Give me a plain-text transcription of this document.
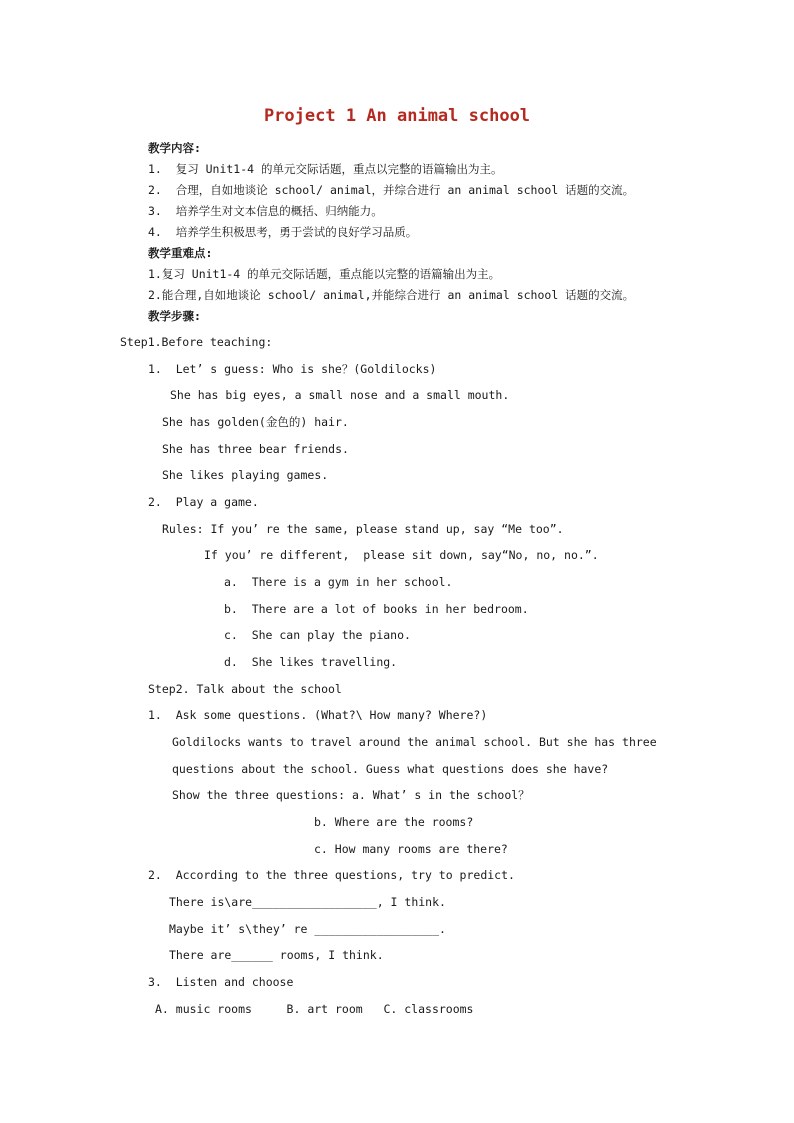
Project 1 An animal school
教学内容:
1.  复习 Unit1-4 的单元交际话题，重点以完整的语篇输出为主。
2.  合理，自如地谈论 school/ animal，并综合进行 an animal school 话题的交流。
3.  培养学生对文本信息的概括、归纳能力。
4.  培养学生积极思考，勇于尝试的良好学习品质。
教学重难点:
1.复习 Unit1-4 的单元交际话题，重点能以完整的语篇输出为主。
2.能合理,自如地谈论 school/ animal,并能综合进行 an animal school 话题的交流。
教学步骤:
Step1.Before teaching:
1.  Let’ s guess: Who is she？(Goldilocks)
She has big eyes, a small nose and a small mouth.
She has golden(金色的) hair.
She has three bear friends.
She likes playing games.
2.  Play a game.
Rules: If you’ re the same, please stand up, say “Me too”.
If you’ re different,  please sit down, say“No, no, no.”.
a.  There is a gym in her school.
b.  There are a lot of books in her bedroom.
c.  She can play the piano.
d.  She likes travelling.
Step2. Talk about the school
1.  Ask some questions. (What?\ How many? Where?)
Goldilocks wants to travel around the animal school. But she has three
questions about the school. Guess what questions does she have?
Show the three questions: a. What’ s in the school？
b. Where are the rooms?
c. How many rooms are there?
2.  According to the three questions, try to predict.
There is\are__________________, I think.
Maybe it’ s\they’ re __________________.
There are______ rooms, I think.
3.  Listen and choose
A. music rooms     B. art room   C. classrooms
